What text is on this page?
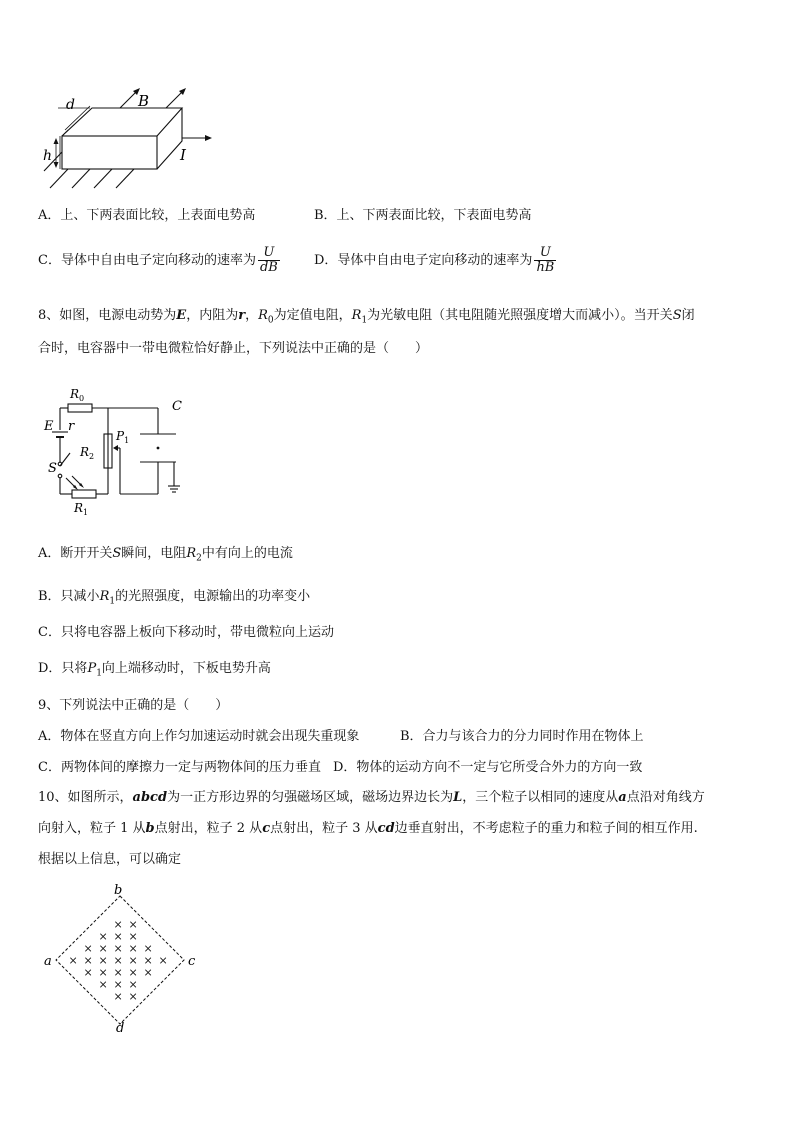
d
h
B
I
A．上、下两表面比较，上表面电势高	B．上、下两表面比较，下表面电势高
C．导体中自由电子定向移动的速率为 $\frac{U}{dB}$	D．导体中自由电子定向移动的速率为 $\frac{U}{hB}$
8、如图，电源电动势为E，内阻为r，$R_0$为定值电阻，$R_1$为光敏电阻（其电阻随光照强度增大而减小）。当开关S闭
合时，电容器中一带电微粒恰好静止，下列说法中正确的是（　　）
$R_0$
C
E r
$R_2$
$P_1$
S
$R_1$
A．断开开关S瞬间，电阻$R_2$中有向上的电流
B．只减小$R_1$的光照强度，电源输出的功率变小
C．只将电容器上板向下移动时，带电微粒向上运动
D．只将$P_1$向上端移动时，下板电势升高
9、下列说法中正确的是（　　）
A．物体在竖直方向上作匀加速运动时就会出现失重现象	B．合力与该合力的分力同时作用在物体上
C．两物体间的摩擦力一定与两物体间的压力垂直 D．物体的运动方向不一定与它所受合外力的方向一致
10、如图所示，abcd为一正方形边界的匀强磁场区域，磁场边界边长为L，三个粒子以相同的速度从a点沿对角线方
向射入，粒子 1 从b点射出，粒子 2 从c点射出，粒子 3 从cd边垂直射出，不考虑粒子的重力和粒子间的相互作用.
根据以上信息，可以确定
× ×
× × ×
× × × × ×
× × × × × × ×
× × × × ×
× × ×
× ×
b
a	c
d
